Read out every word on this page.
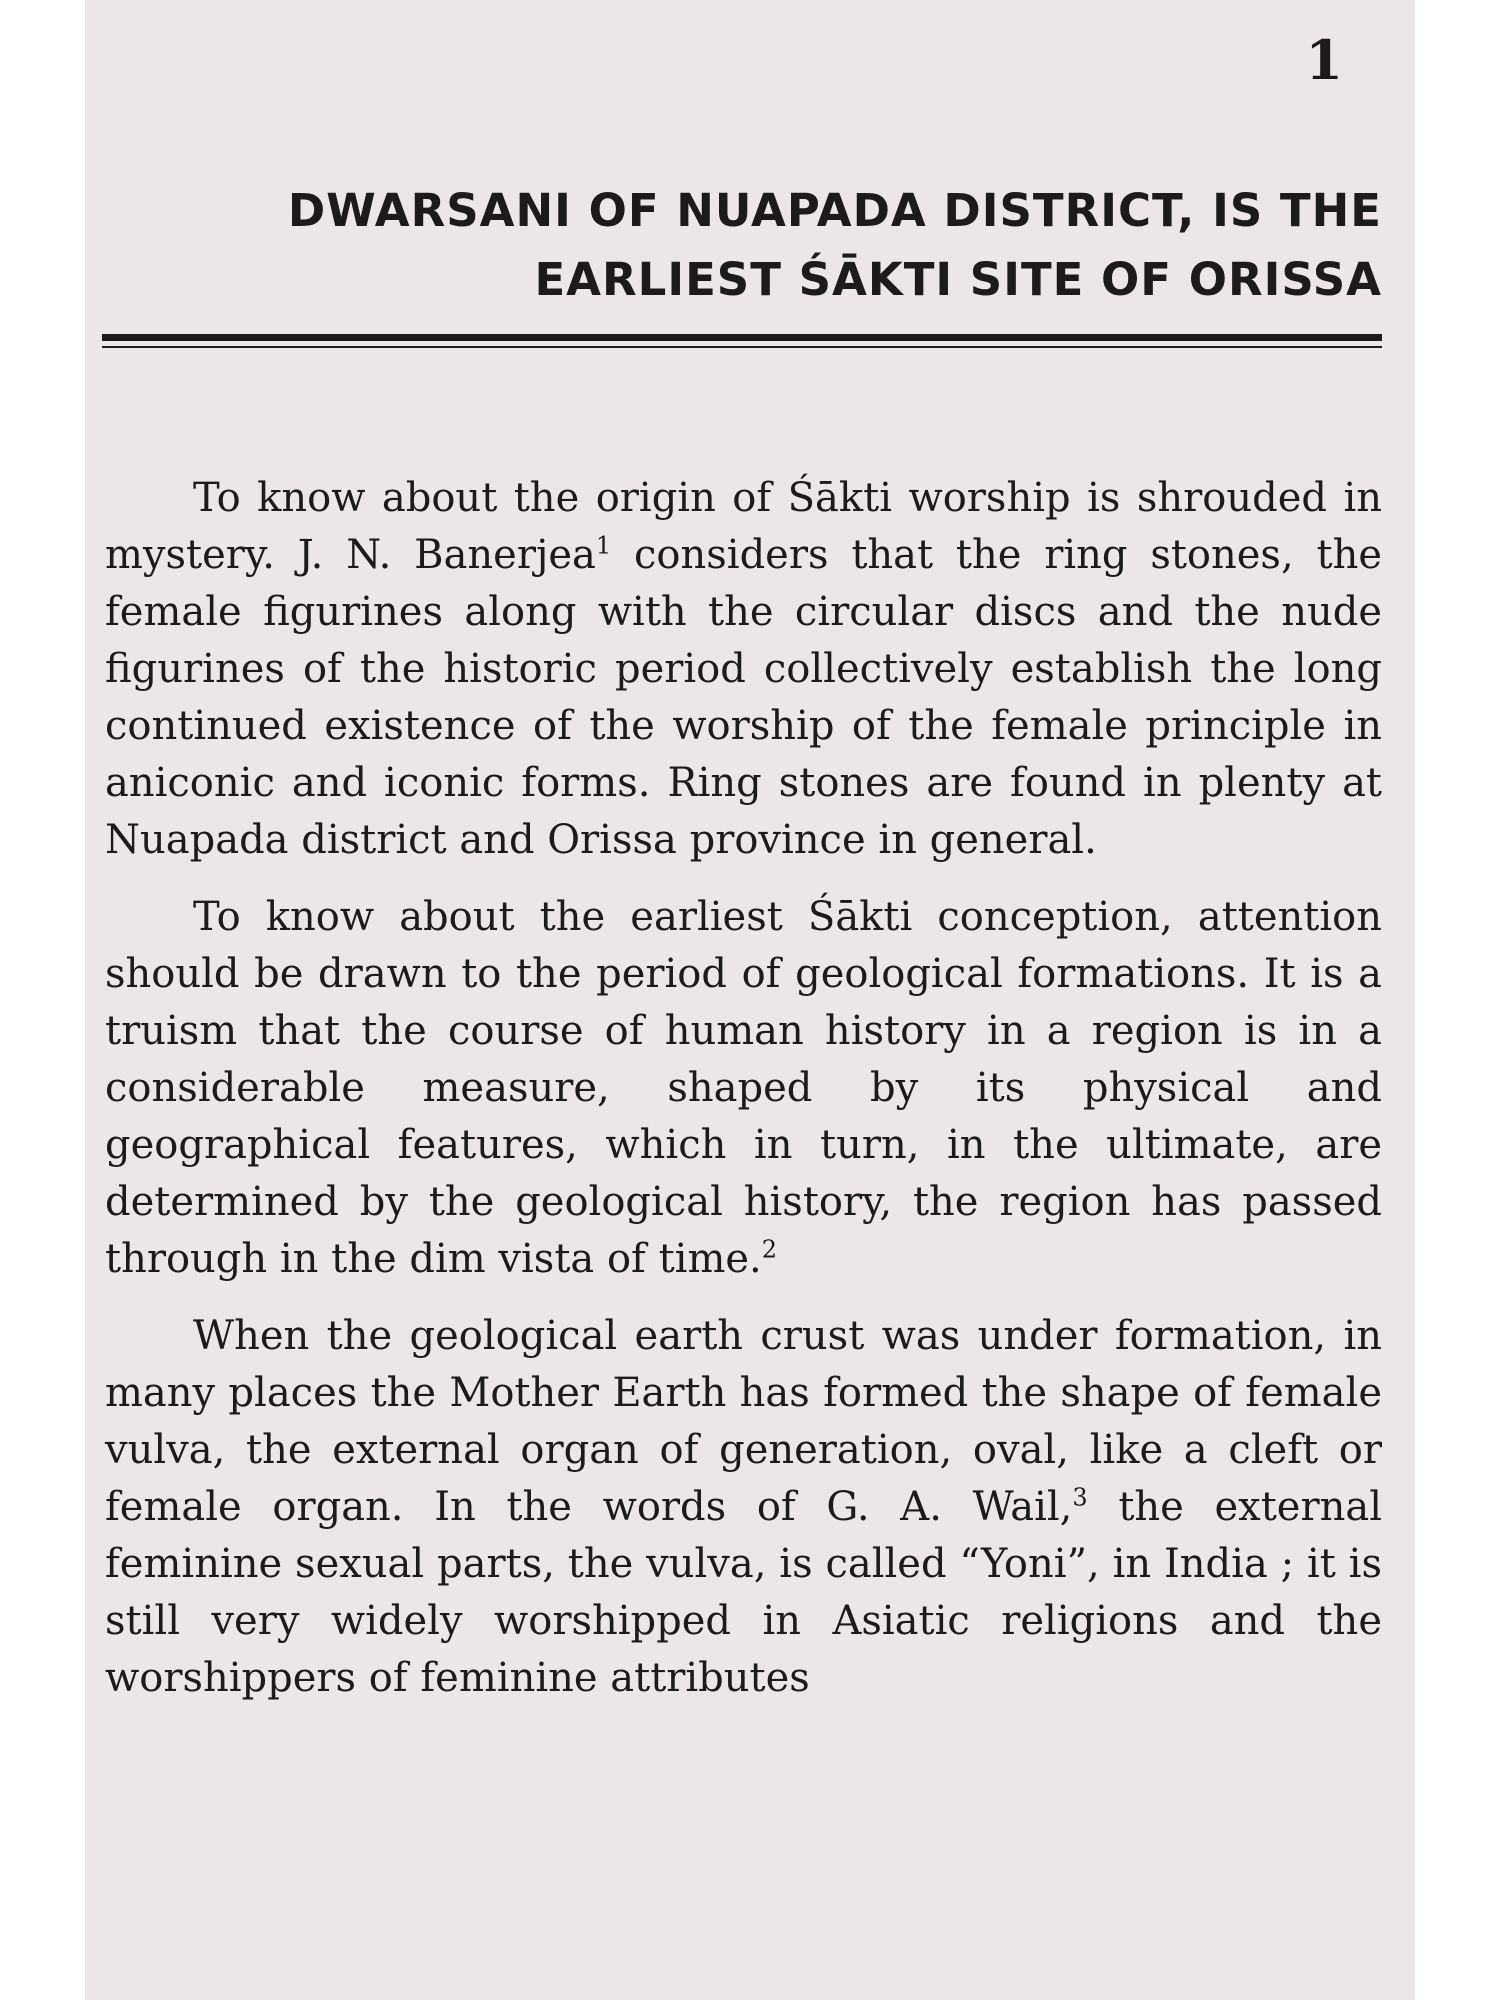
1
DWARSANI OF NUAPADA DISTRICT, IS THE
EARLIEST ŚĀKTI SITE OF ORISSA

To know about the origin of Śākti worship is shrouded in mystery. J. N. Banerjea$^1$ considers that the ring stones, the female figurines along with the circular discs and the nude figurines of the historic period collectively establish the long continued existence of the worship of the female principle in aniconic and iconic forms. Ring stones are found in plenty at Nuapada district and Orissa province in general.

To know about the earliest Śākti conception, attention should be drawn to the period of geological formations. It is a truism that the course of human history in a region is in a considerable measure, shaped by its physical and geographical features, which in turn, in the ultimate, are determined by the geological history, the region has passed through in the dim vista of time.$^2$

When the geological earth crust was under formation, in many places the Mother Earth has formed the shape of female vulva, the external organ of generation, oval, like a cleft or female organ. In the words of G. A. Wail,$^3$ the external feminine sexual parts, the vulva, is called “Yoni”, in India ; it is still very widely worshipped in Asiatic religions and the worshippers of feminine attributes
